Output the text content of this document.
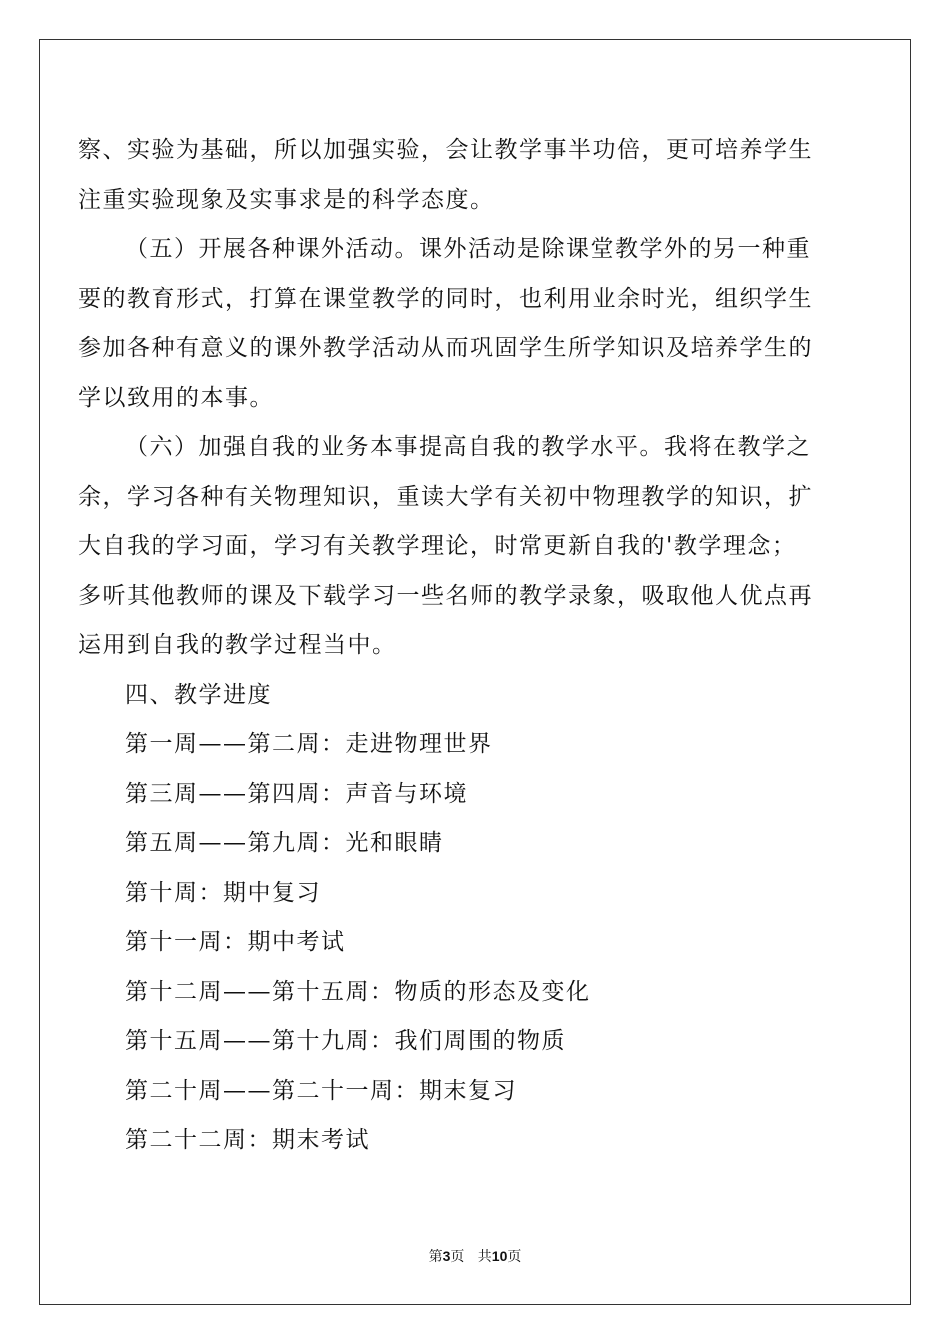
察、实验为基础，所以加强实验，会让教学事半功倍，更可培养学生
注重实验现象及实事求是的科学态度。
（五）开展各种课外活动。课外活动是除课堂教学外的另一种重
要的教育形式，打算在课堂教学的同时，也利用业余时光，组织学生
参加各种有意义的课外教学活动从而巩固学生所学知识及培养学生的
学以致用的本事。
（六）加强自我的业务本事提高自我的教学水平。我将在教学之
余，学习各种有关物理知识，重读大学有关初中物理教学的知识，扩
大自我的学习面，学习有关教学理论，时常更新自我的'教学理念；
多听其他教师的课及下载学习一些名师的教学录象，吸取他人优点再
运用到自我的教学过程当中。
四、教学进度
第一周——第二周：走进物理世界
第三周——第四周：声音与环境
第五周——第九周：光和眼睛
第十周：期中复习
第十一周：期中考试
第十二周——第十五周：物质的形态及变化
第十五周——第十九周：我们周围的物质
第二十周——第二十一周：期末复习
第二十二周：期末考试
第3页 共10页
